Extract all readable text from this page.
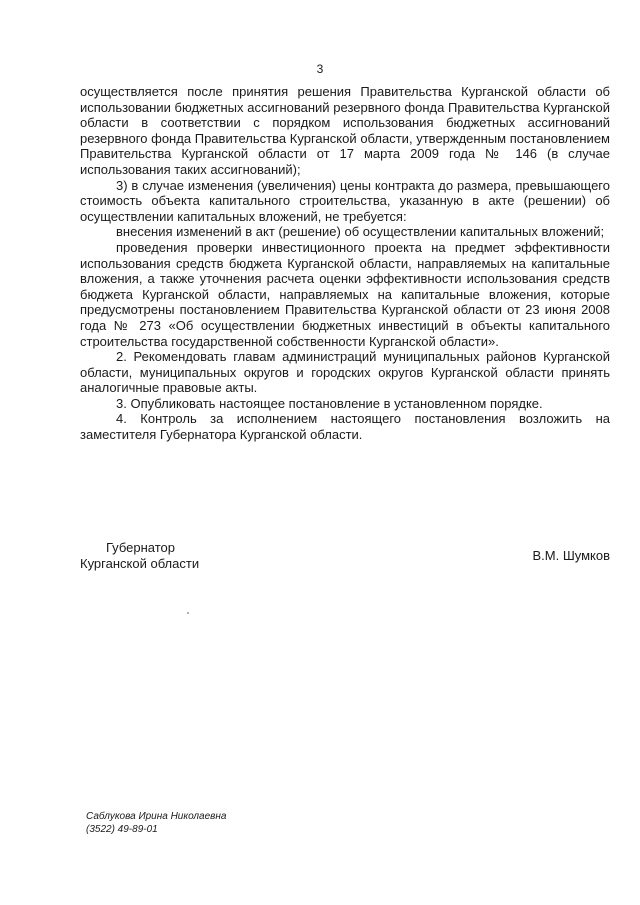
3

осуществляется после принятия решения Правительства Курганской области об использовании бюджетных ассигнований резервного фонда Правительства Курганской области в соответствии с порядком использования бюджетных ассигнований резервного фонда Правительства Курганской области, утвержденным постановлением Правительства Курганской области от 17 марта 2009 года № 146 (в случае использования таких ассигнований);

3) в случае изменения (увеличения) цены контракта до размера, превышающего стоимость объекта капитального строительства, указанную в акте (решении) об осуществлении капитальных вложений, не требуется:

внесения изменений в акт (решение) об осуществлении капитальных вложений;

проведения проверки инвестиционного проекта на предмет эффективности использования средств бюджета Курганской области, направляемых на капитальные вложения, а также уточнения расчета оценки эффективности использования средств бюджета Курганской области, направляемых на капитальные вложения, которые предусмотрены постановлением Правительства Курганской области от 23 июня 2008 года № 273 «Об осуществлении бюджетных инвестиций в объекты капитального строительства государственной собственности Курганской области».

2. Рекомендовать главам администраций муниципальных районов Курганской области, муниципальных округов и городских округов Курганской области принять аналогичные правовые акты.

3. Опубликовать настоящее постановление в установленном порядке.

4. Контроль за исполнением настоящего постановления возложить на заместителя Губернатора Курганской области.

Губернатор
Курганской области
В.М. Шумков
Саблукова Ирина Николаевна
(3522) 49-89-01
